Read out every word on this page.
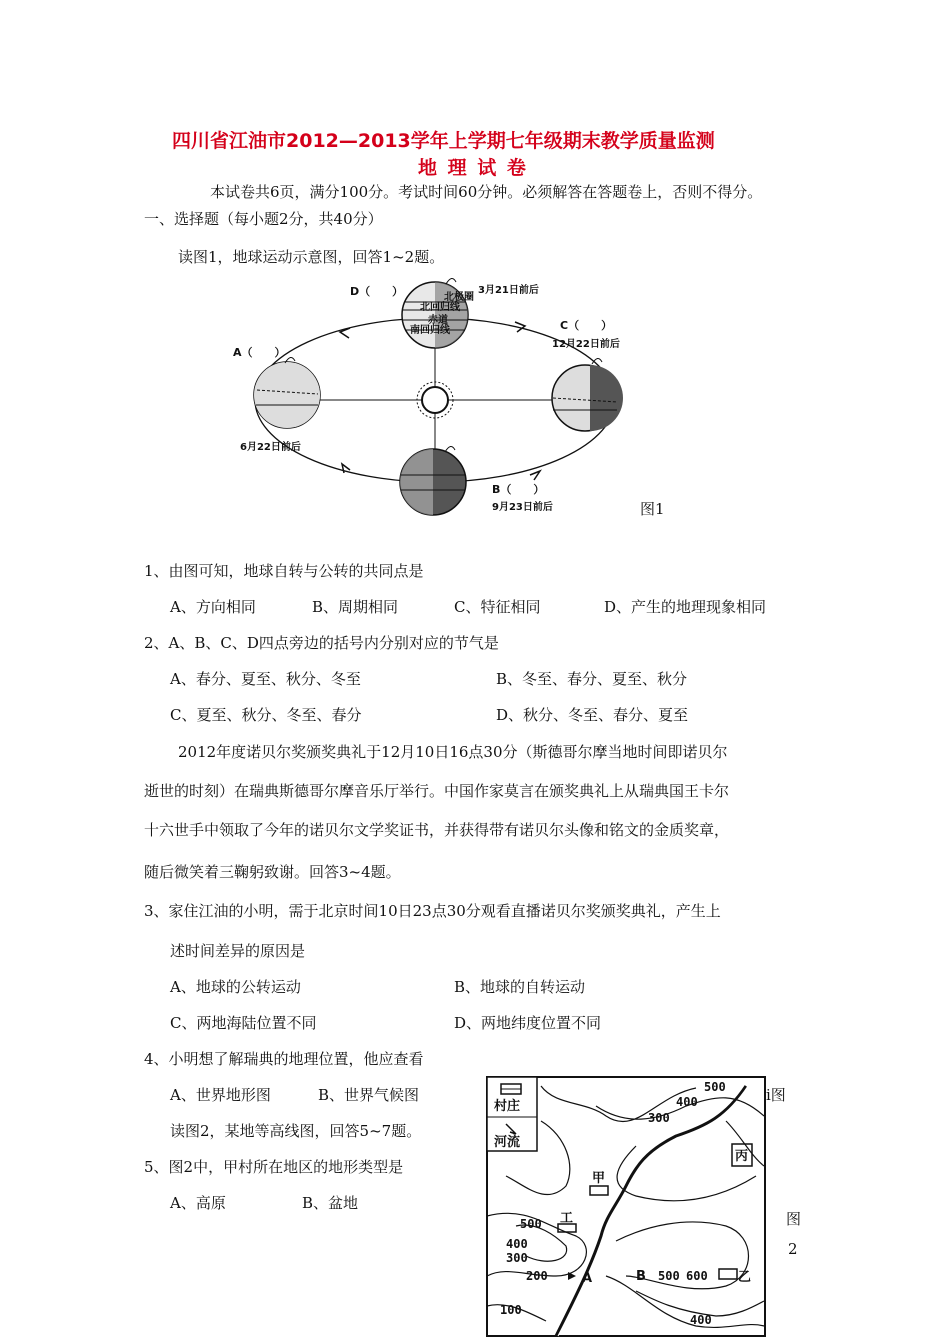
四川省江油市2012—2013学年上学期七年级期末教学质量监测
地 理 试 卷
本试卷共6页，满分100分。考试时间60分钟。必须解答在答题卷上，否则不得分。
一、选择题（每小题2分，共40分）
读图1，地球运动示意图，回答1~2题。
北极圈
北回归线
赤道
南回归线
D（　　）	3月21日前后
A（　　）
6月22日前后
C（　　）
12月22日前后
B（　　）
9月23日前后	图1
1、由图可知，地球自转与公转的共同点是
A、方向相同	B、周期相同	C、特征相同	D、产生的地理现象相同
2、A、B、C、D四点旁边的括号内分别对应的节气是
A、春分、夏至、秋分、冬至	B、冬至、春分、夏至、秋分
C、夏至、秋分、冬至、春分	D、秋分、冬至、春分、夏至
2012年度诺贝尔奖颁奖典礼于12月10日16点30分（斯德哥尔摩当地时间即诺贝尔
逝世的时刻）在瑞典斯德哥尔摩音乐厅举行。中国作家莫言在颁奖典礼上从瑞典国王卡尔
十六世手中领取了今年的诺贝尔文学奖证书，并获得带有诺贝尔头像和铭文的金质奖章，
随后微笑着三鞠躬致谢。回答3~4题。
3、家住江油的小明，需于北京时间10日23点30分观看直播诺贝尔奖颁奖典礼，产生上
述时间差异的原因是
A、地球的公转运动	B、地球的自转运动
C、两地海陆位置不同	D、两地纬度位置不同
4、小明想了解瑞典的地理位置，他应查看
A、世界地形图	B、世界气候图	i图
读图2，某地等高线图，回答5~7题。
5、图2中，甲村所在地区的地形类型是
A、高原	B、盆地
村庄
河流
甲
丙
乙
工
A	B
500
400
300
500
400
300
200
100
500 600
400
图
2
